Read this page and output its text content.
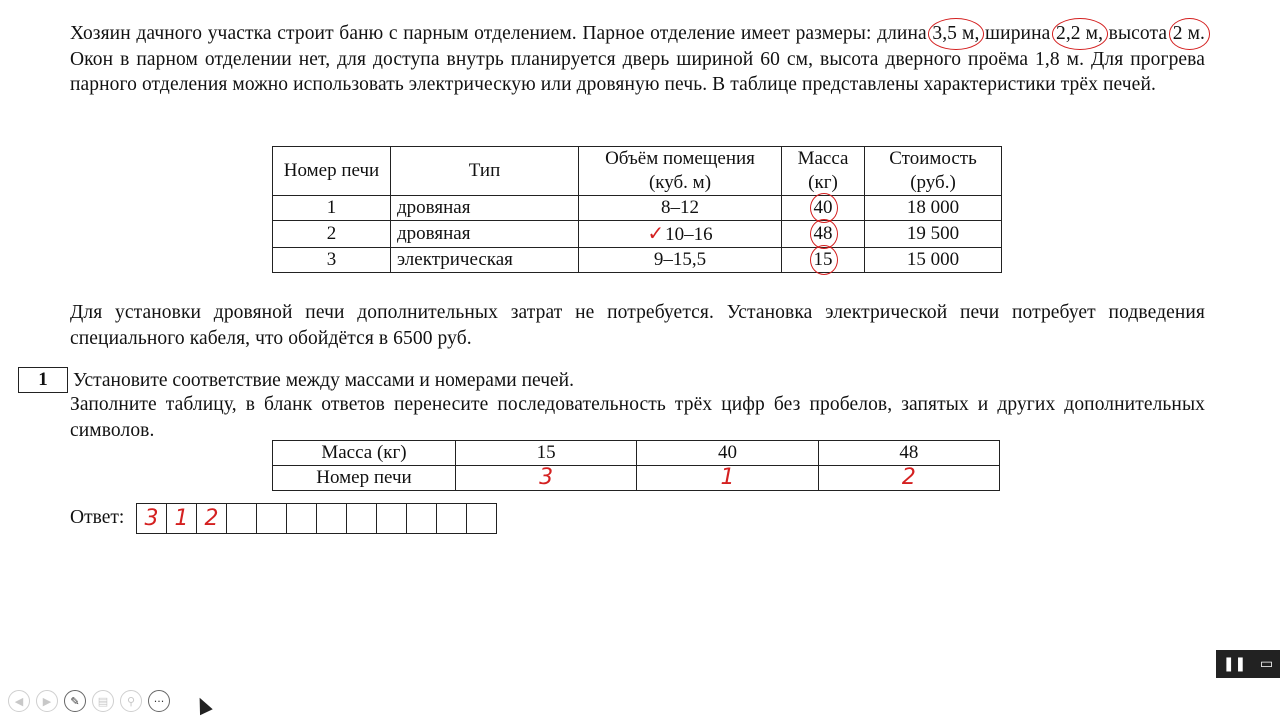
Хозяин дачного участка строит баню с парным отделением. Парное отделение имеет размеры: длина 3,5 м, ширина 2,2 м, высота 2 м. Окон в парном отделении нет, для доступа внутрь планируется дверь шириной 60 см, высота дверного проёма 1,8 м. Для прогрева парного отделения можно использовать электрическую или дровяную печь. В таблице представлены характеристики трёх печей.
Номер печи	Тип	Объём помещения (куб. м)	Масса (кг)	Стоимость (руб.)
1	дровяная	8–12	40	18 000
2	дровяная	✓10–16	48	19 500
3	электрическая	9–15,5	15	15 000
Для установки дровяной печи дополнительных затрат не потребуется. Установка электрической печи потребует подведения специального кабеля, что обойдётся в 6500 руб.
1	Установите соответствие между массами и номерами печей.
Заполните таблицу, в бланк ответов перенесите последовательность трёх цифр без пробелов, запятых и других дополнительных символов.
Масса (кг)	15	40	48
Номер печи	3	1	2
Ответ: 3 1 2
❚❚ ▭
◀	▶	✎	▤	⚲	···
